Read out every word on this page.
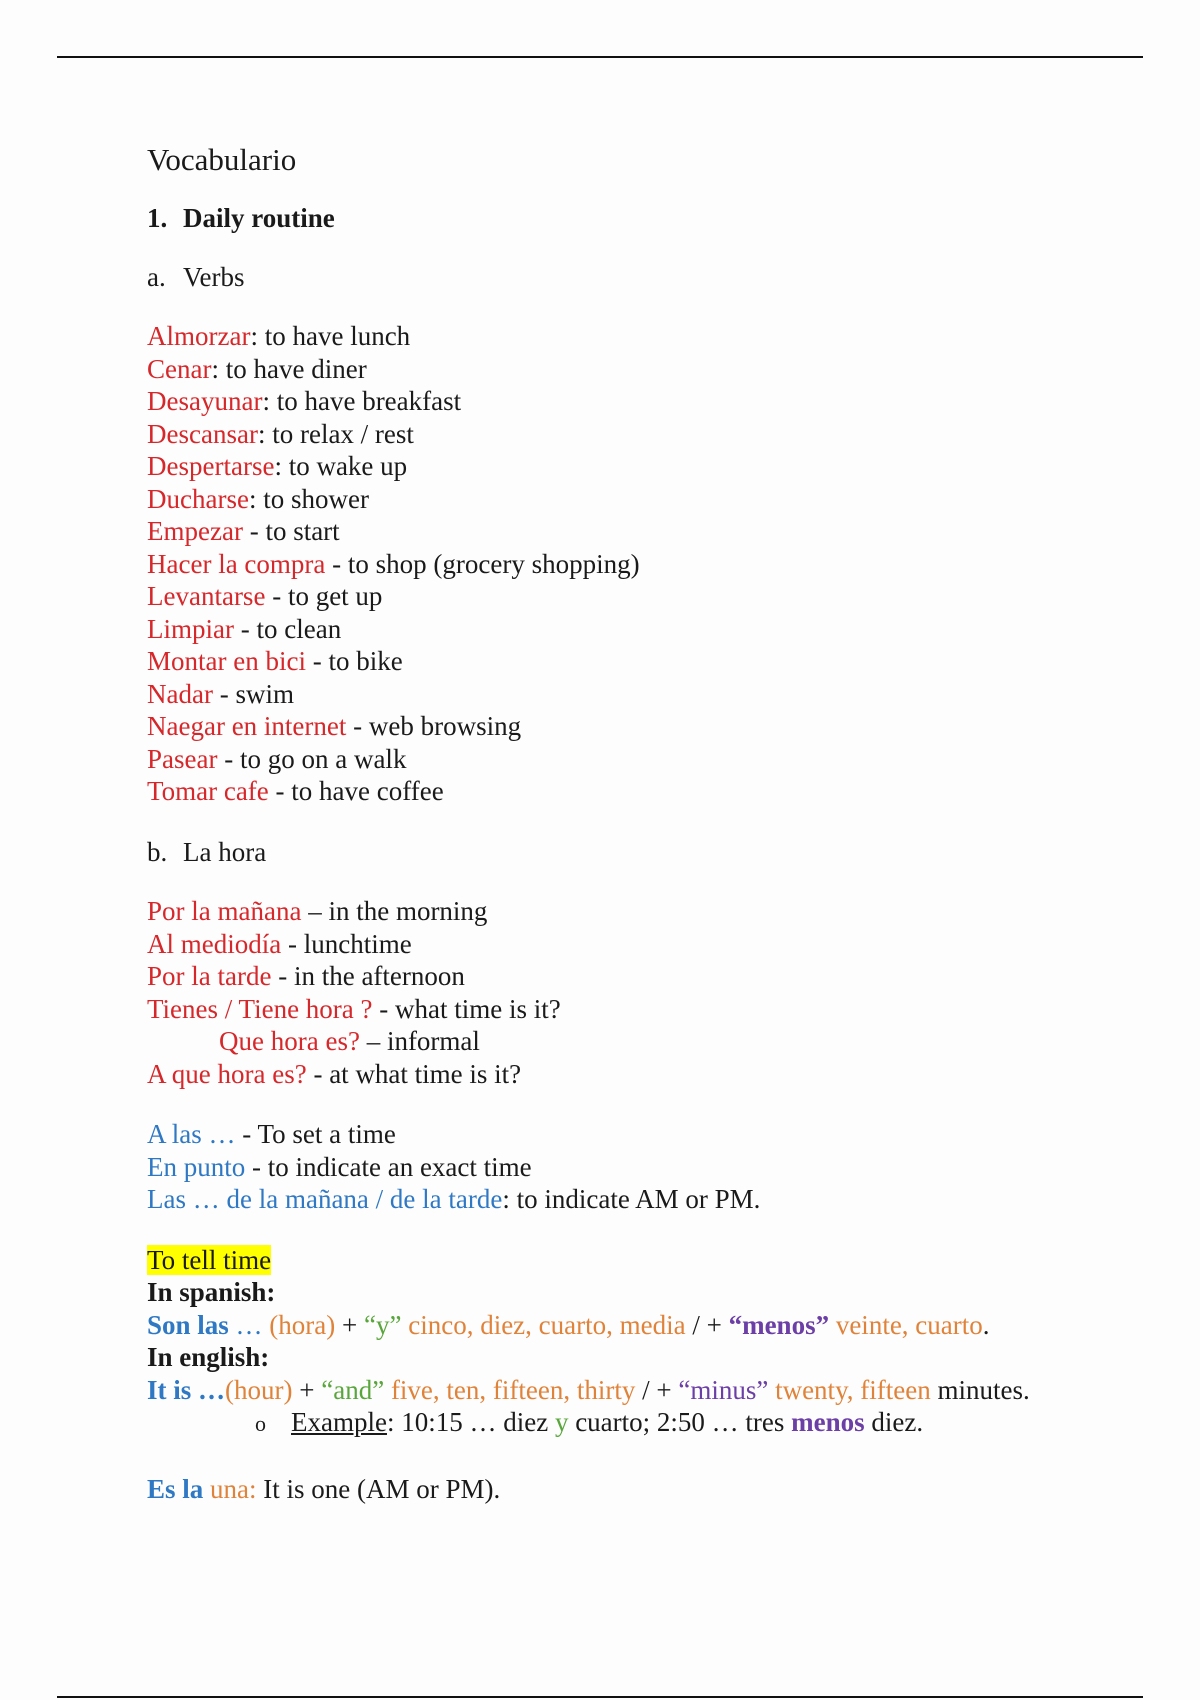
Vocabulario
1. Daily routine
a. Verbs
Almorzar: to have lunch
Cenar: to have diner
Desayunar: to have breakfast
Descansar: to relax / rest
Despertarse: to wake up
Ducharse: to shower
Empezar - to start
Hacer la compra - to shop (grocery shopping)
Levantarse - to get up
Limpiar - to clean
Montar en bici - to bike
Nadar - swim
Naegar en internet - web browsing
Pasear - to go on a walk
Tomar cafe - to have coffee
b. La hora
Por la mañana – in the morning
Al mediodía - lunchtime
Por la tarde - in the afternoon
Tienes / Tiene hora ? - what time is it?
Que hora es? – informal
A que hora es? - at what time is it?
A las … - To set a time
En punto - to indicate an exact time
Las … de la mañana / de la tarde: to indicate AM or PM.
To tell time
In spanish:
Son las … (hora) + “y” cinco, diez, cuarto, media / + “menos” veinte, cuarto.
In english:
It is …(hour) + “and” five, ten, fifteen, thirty / + “minus” twenty, fifteen minutes.
o Example: 10:15 … diez y cuarto; 2:50 … tres menos diez.
Es la una: It is one (AM or PM).
